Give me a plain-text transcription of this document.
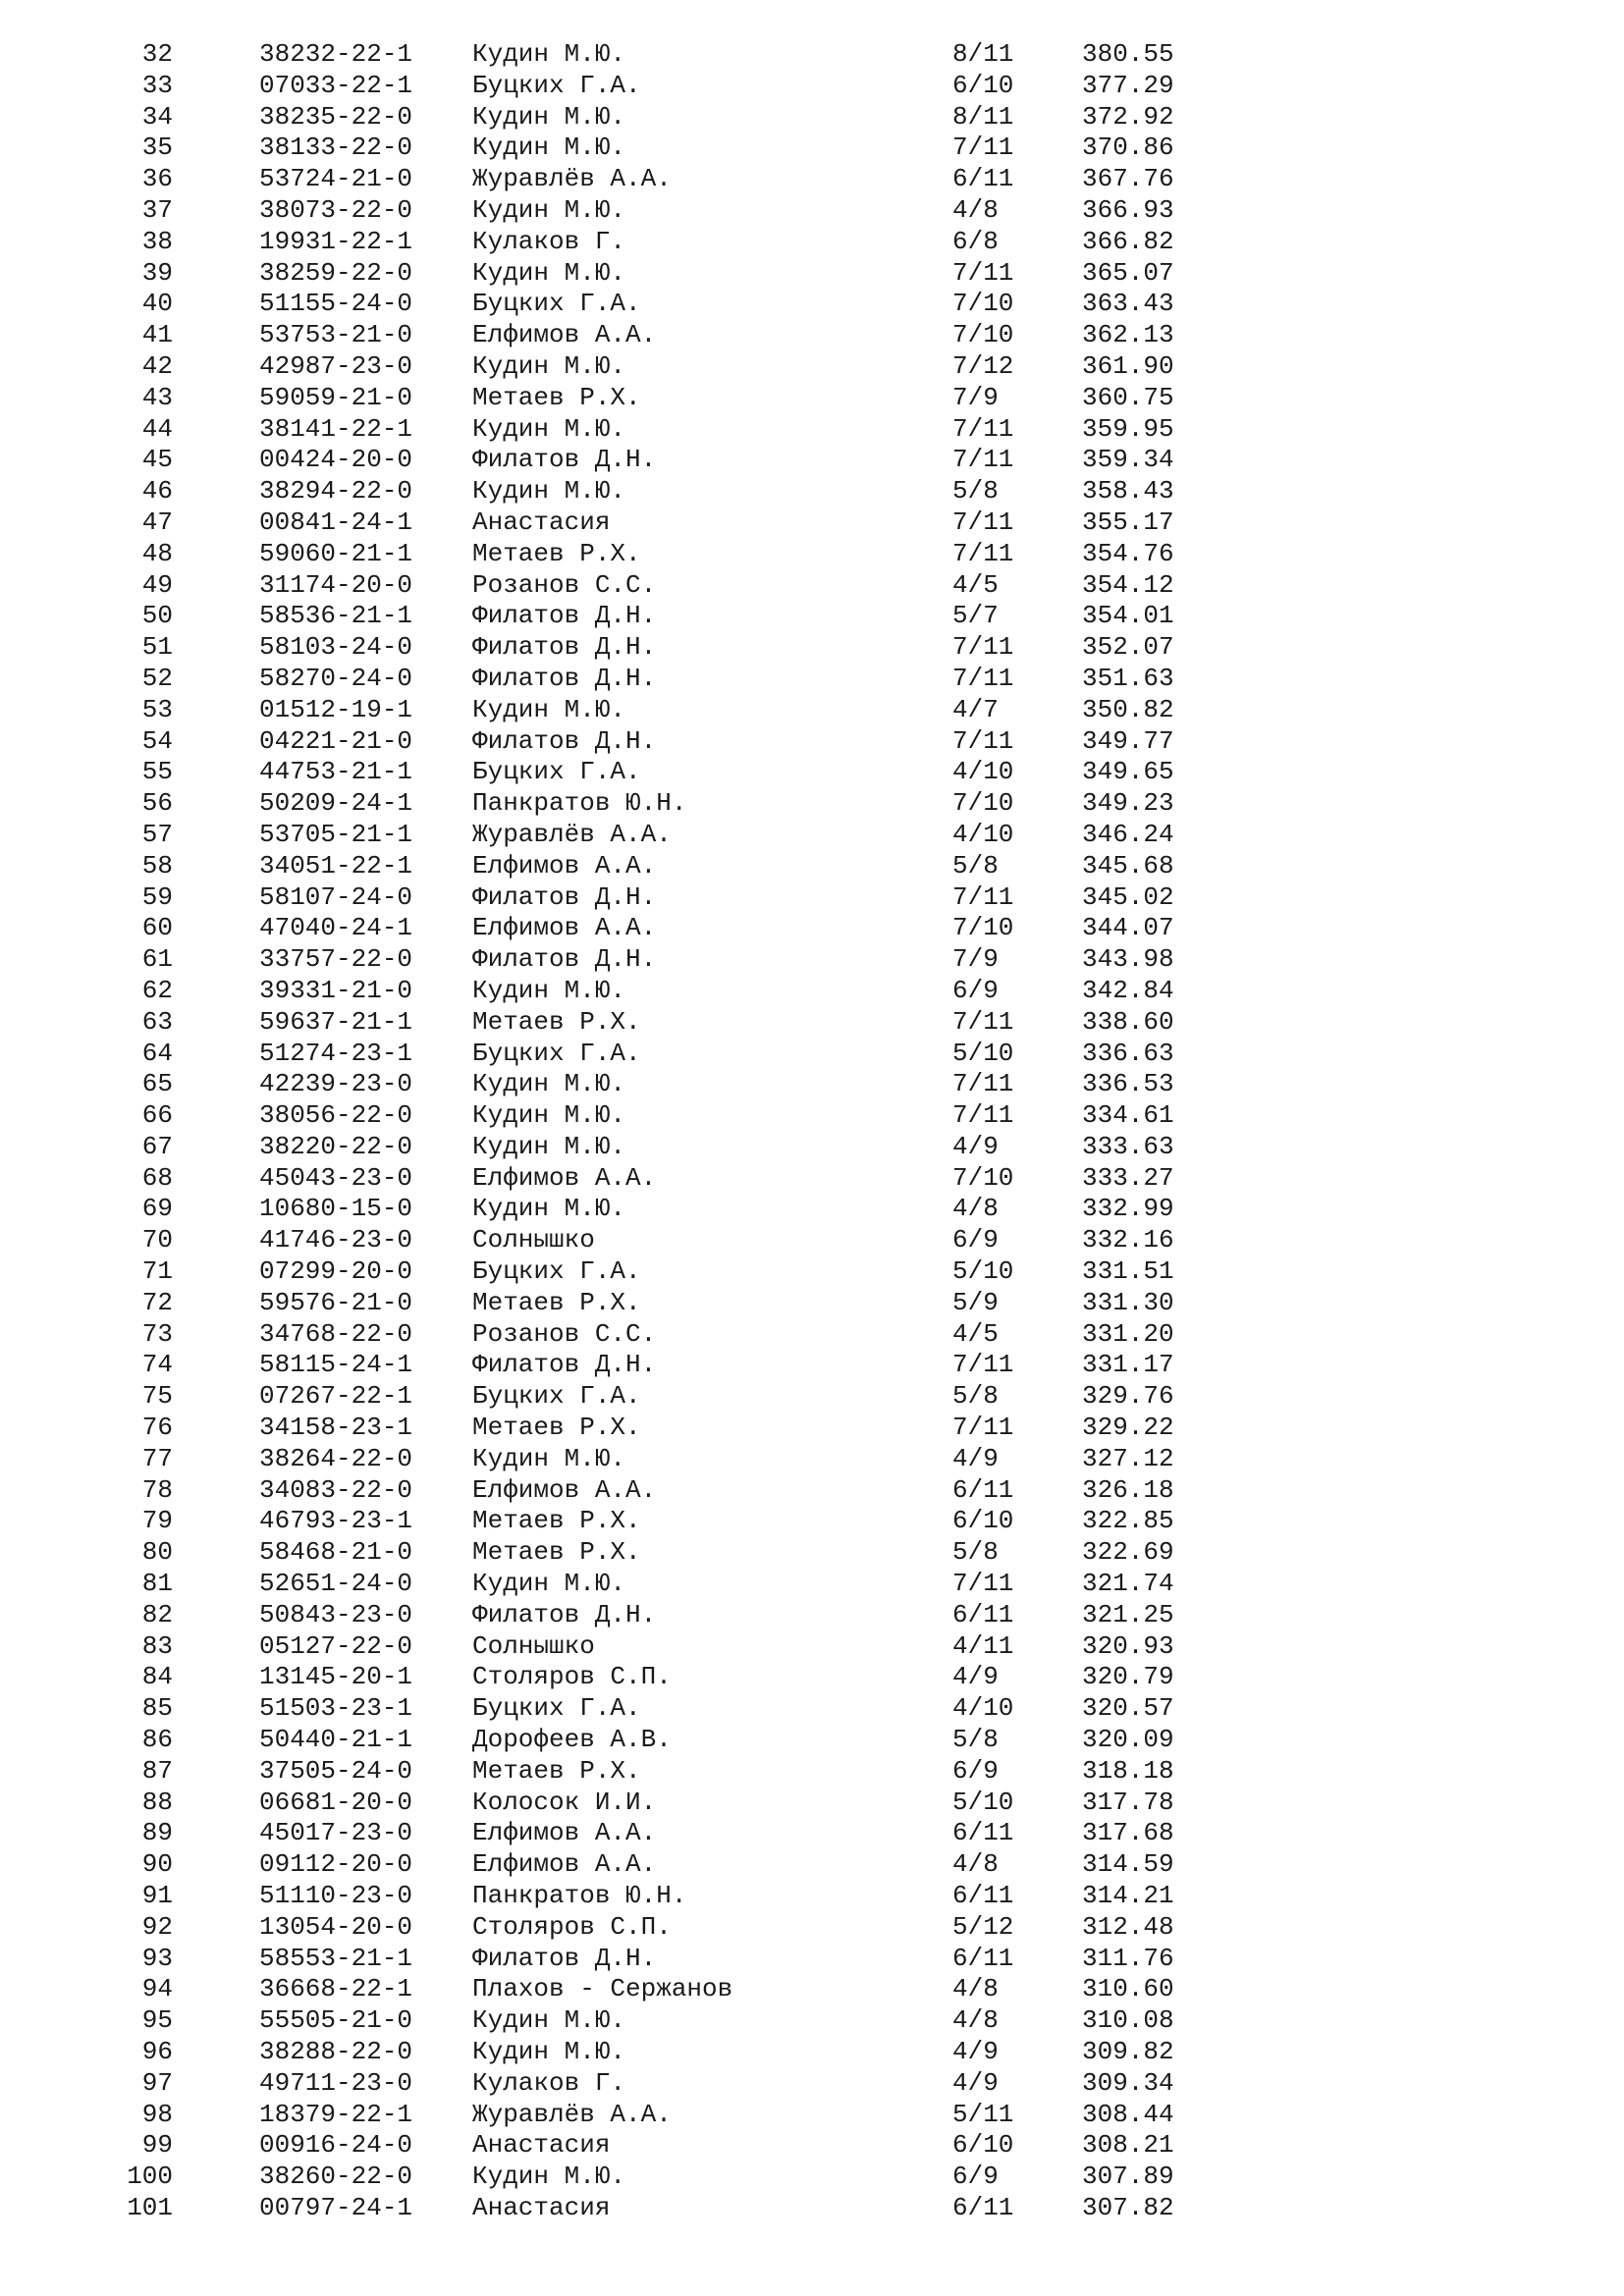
32	38232-22-1 Кудин М.Ю.	8/11	380.55
33	07033-22-1 Буцких Г.А.	6/10	377.29
34	38235-22-0 Кудин М.Ю.	8/11	372.92
35	38133-22-0 Кудин М.Ю.	7/11	370.86
36	53724-21-0 Журавлёв А.А.	6/11	367.76
37	38073-22-0 Кудин М.Ю.	4/8	366.93
38	19931-22-1 Кулаков Г.	6/8	366.82
39	38259-22-0 Кудин М.Ю.	7/11	365.07
40	51155-24-0 Буцких Г.А.	7/10	363.43
41	53753-21-0 Елфимов А.А.	7/10	362.13
42	42987-23-0 Кудин М.Ю.	7/12	361.90
43	59059-21-0 Метаев Р.Х.	7/9	360.75
44	38141-22-1 Кудин М.Ю.	7/11	359.95
45	00424-20-0 Филатов Д.Н.	7/11	359.34
46	38294-22-0 Кудин М.Ю.	5/8	358.43
47	00841-24-1 Анастасия	7/11	355.17
48	59060-21-1 Метаев Р.Х.	7/11	354.76
49	31174-20-0 Розанов С.С.	4/5	354.12
50	58536-21-1 Филатов Д.Н.	5/7	354.01
51	58103-24-0 Филатов Д.Н.	7/11	352.07
52	58270-24-0 Филатов Д.Н.	7/11	351.63
53	01512-19-1 Кудин М.Ю.	4/7	350.82
54	04221-21-0 Филатов Д.Н.	7/11	349.77
55	44753-21-1 Буцких Г.А.	4/10	349.65
56	50209-24-1 Панкратов Ю.Н.	7/10	349.23
57	53705-21-1 Журавлёв А.А.	4/10	346.24
58	34051-22-1 Елфимов А.А.	5/8	345.68
59	58107-24-0 Филатов Д.Н.	7/11	345.02
60	47040-24-1 Елфимов А.А.	7/10	344.07
61	33757-22-0 Филатов Д.Н.	7/9	343.98
62	39331-21-0 Кудин М.Ю.	6/9	342.84
63	59637-21-1 Метаев Р.Х.	7/11	338.60
64	51274-23-1 Буцких Г.А.	5/10	336.63
65	42239-23-0 Кудин М.Ю.	7/11	336.53
66	38056-22-0 Кудин М.Ю.	7/11	334.61
67	38220-22-0 Кудин М.Ю.	4/9	333.63
68	45043-23-0 Елфимов А.А.	7/10	333.27
69	10680-15-0 Кудин М.Ю.	4/8	332.99
70	41746-23-0 Солнышко	6/9	332.16
71	07299-20-0 Буцких Г.А.	5/10	331.51
72	59576-21-0 Метаев Р.Х.	5/9	331.30
73	34768-22-0 Розанов С.С.	4/5	331.20
74	58115-24-1 Филатов Д.Н.	7/11	331.17
75	07267-22-1 Буцких Г.А.	5/8	329.76
76	34158-23-1 Метаев Р.Х.	7/11	329.22
77	38264-22-0 Кудин М.Ю.	4/9	327.12
78	34083-22-0 Елфимов А.А.	6/11	326.18
79	46793-23-1 Метаев Р.Х.	6/10	322.85
80	58468-21-0 Метаев Р.Х.	5/8	322.69
81	52651-24-0 Кудин М.Ю.	7/11	321.74
82	50843-23-0 Филатов Д.Н.	6/11	321.25
83	05127-22-0 Солнышко	4/11	320.93
84	13145-20-1 Столяров С.П.	4/9	320.79
85	51503-23-1 Буцких Г.А.	4/10	320.57
86	50440-21-1 Дорофеев А.В.	5/8	320.09
87	37505-24-0 Метаев Р.Х.	6/9	318.18
88	06681-20-0 Колосок И.И.	5/10	317.78
89	45017-23-0 Елфимов А.А.	6/11	317.68
90	09112-20-0 Елфимов А.А.	4/8	314.59
91	51110-23-0 Панкратов Ю.Н.	6/11	314.21
92	13054-20-0 Столяров С.П.	5/12	312.48
93	58553-21-1 Филатов Д.Н.	6/11	311.76
94	36668-22-1 Плахов - Сержанов	4/8	310.60
95	55505-21-0 Кудин М.Ю.	4/8	310.08
96	38288-22-0 Кудин М.Ю.	4/9	309.82
97	49711-23-0 Кулаков Г.	4/9	309.34
98	18379-22-1 Журавлёв А.А.	5/11	308.44
99	00916-24-0 Анастасия	6/10	308.21
100	38260-22-0 Кудин М.Ю.	6/9	307.89
101	00797-24-1 Анастасия	6/11	307.82
